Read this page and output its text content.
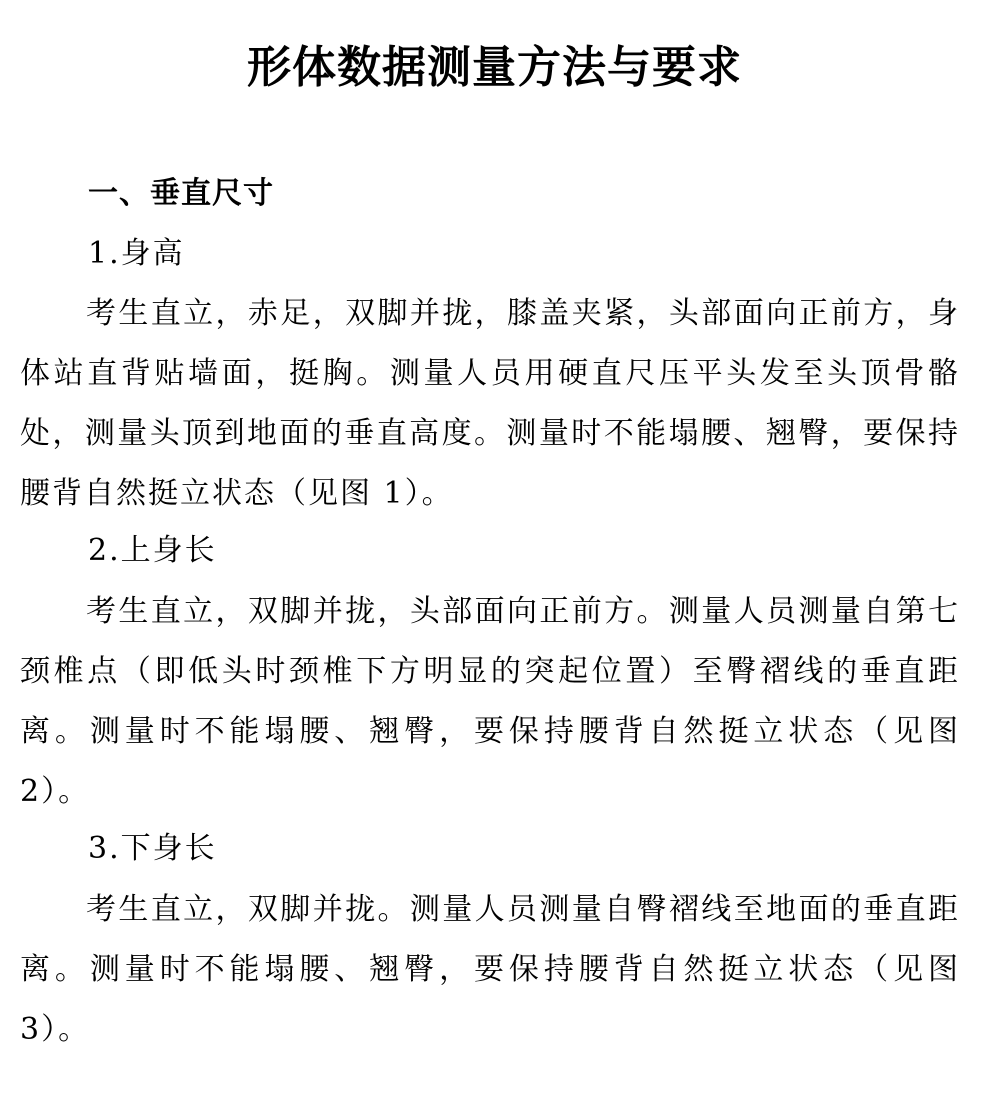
形体数据测量方法与要求
一、垂直尺寸
1.身高
考生直立，赤足，双脚并拢，膝盖夹紧，头部面向正前方，身体站直背贴墙面，挺胸。测量人员用硬直尺压平头发至头顶骨骼处，测量头顶到地面的垂直高度。测量时不能塌腰、翘臀，要保持腰背自然挺立状态（见图 1）。
2.上身长
考生直立，双脚并拢，头部面向正前方。测量人员测量自第七颈椎点（即低头时颈椎下方明显的突起位置）至臀褶线的垂直距离。测量时不能塌腰、翘臀，要保持腰背自然挺立状态（见图 2）。
3.下身长
考生直立，双脚并拢。测量人员测量自臀褶线至地面的垂直距离。测量时不能塌腰、翘臀，要保持腰背自然挺立状态（见图 3）。
